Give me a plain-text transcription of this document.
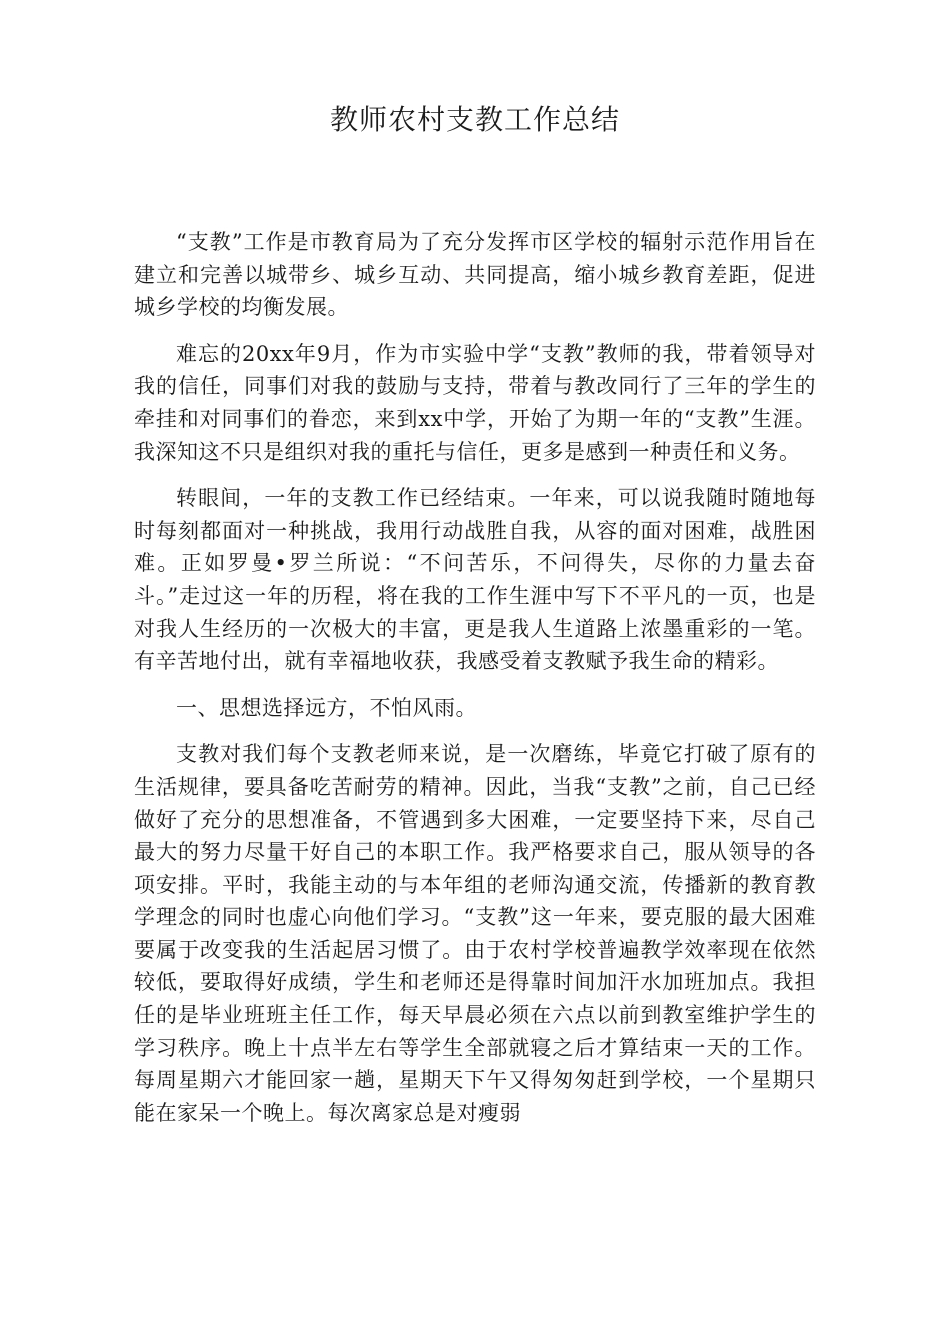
教师农村支教工作总结

“支教”工作是市教育局为了充分发挥市区学校的辐射示范作用旨在建立和完善以城带乡、城乡互动、共同提高，缩小城乡教育差距，促进城乡学校的均衡发展。

难忘的20xx年9月，作为市实验中学“支教”教师的我，带着领导对我的信任，同事们对我的鼓励与支持，带着与教改同行了三年的学生的牵挂和对同事们的眷恋，来到xx中学，开始了为期一年的“支教”生涯。我深知这不只是组织对我的重托与信任，更多是感到一种责任和义务。

转眼间，一年的支教工作已经结束。一年来，可以说我随时随地每时每刻都面对一种挑战，我用行动战胜自我，从容的面对困难，战胜困难。正如罗曼•罗兰所说：“不问苦乐，不问得失，尽你的力量去奋斗。”走过这一年的历程，将在我的工作生涯中写下不平凡的一页，也是对我人生经历的一次极大的丰富，更是我人生道路上浓墨重彩的一笔。有辛苦地付出，就有幸福地收获，我感受着支教赋予我生命的精彩。

一、思想选择远方，不怕风雨。

支教对我们每个支教老师来说，是一次磨练，毕竟它打破了原有的生活规律，要具备吃苦耐劳的精神。因此，当我“支教”之前，自己已经做好了充分的思想准备，不管遇到多大困难，一定要坚持下来，尽自己最大的努力尽量干好自己的本职工作。我严格要求自己，服从领导的各项安排。平时，我能主动的与本年组的老师沟通交流，传播新的教育教学理念的同时也虚心向他们学习。“支教”这一年来，要克服的最大困难要属于改变我的生活起居习惯了。由于农村学校普遍教学效率现在依然较低，要取得好成绩，学生和老师还是得靠时间加汗水加班加点。我担任的是毕业班班主任工作，每天早晨必须在六点以前到教室维护学生的学习秩序。晚上十点半左右等学生全部就寝之后才算结束一天的工作。每周星期六才能回家一趟，星期天下午又得匆匆赶到学校，一个星期只能在家呆一个晚上。每次离家总是对瘦弱
